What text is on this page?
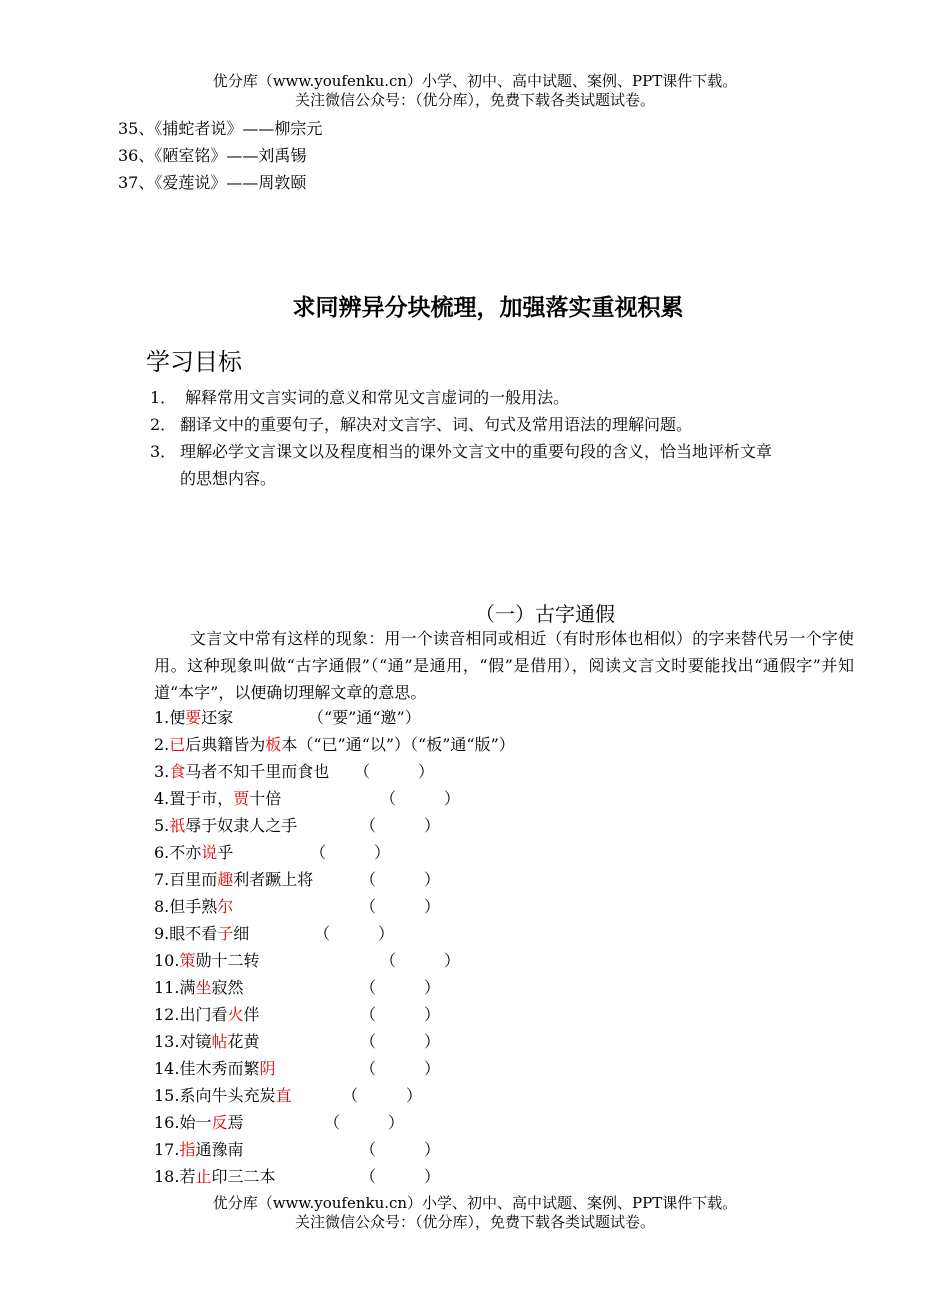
优分库（www.youfenku.cn）小学、初中、高中试题、案例、PPT课件下载。
关注微信公众号：（优分库），免费下载各类试题试卷。
35、《捕蛇者说》——柳宗元
36、《陋室铭》——刘禹锡
37、《爱莲说》——周敦颐
求同辨异分块梳理，加强落实重视积累
学习目标
1． 解释常用文言实词的意义和常见文言虚词的一般用法。
2． 翻译文中的重要句子，解决对文言字、词、句式及常用语法的理解问题。
3． 理解必学文言课文以及程度相当的课外文言文中的重要句段的含义，恰当地评析文章
的思想内容。
（一）古字通假
文言文中常有这样的现象：用一个读音相同或相近（有时形体也相似）的字来替代另一个字使用。这种现象叫做“古字通假”（“通”是通用，“假”是借用），阅读文言文时要能找出“通假字”并知道“本字”，以便确切理解文章的意思。
1.便要还家	（“要”通“邀”）
2.已后典籍皆为板本（“已”通“以”）（“板”通“版”）
3.食马者不知千里而食也 （　　　）
4.置于市，贾十倍	（　　　）
5.祇辱于奴隶人之手	（　　　）
6.不亦说乎	（　　　）
7.百里而趣利者蹶上将	（　　　）
8.但手熟尔	（　　　）
9.眼不看子细	（　　　）
10.策勋十二转	（　　　）
11.满坐寂然	（　　　）
12.出门看火伴	（　　　）
13.对镜帖花黄	（　　　）
14.佳木秀而繁阴	（　　　）
15.系向牛头充炭直	（　　　）
16.始一反焉	（　　　）
17.指通豫南	（　　　）
18.若止印三二本	（　　　）
优分库（www.youfenku.cn）小学、初中、高中试题、案例、PPT课件下载。
关注微信公众号：（优分库），免费下载各类试题试卷。
